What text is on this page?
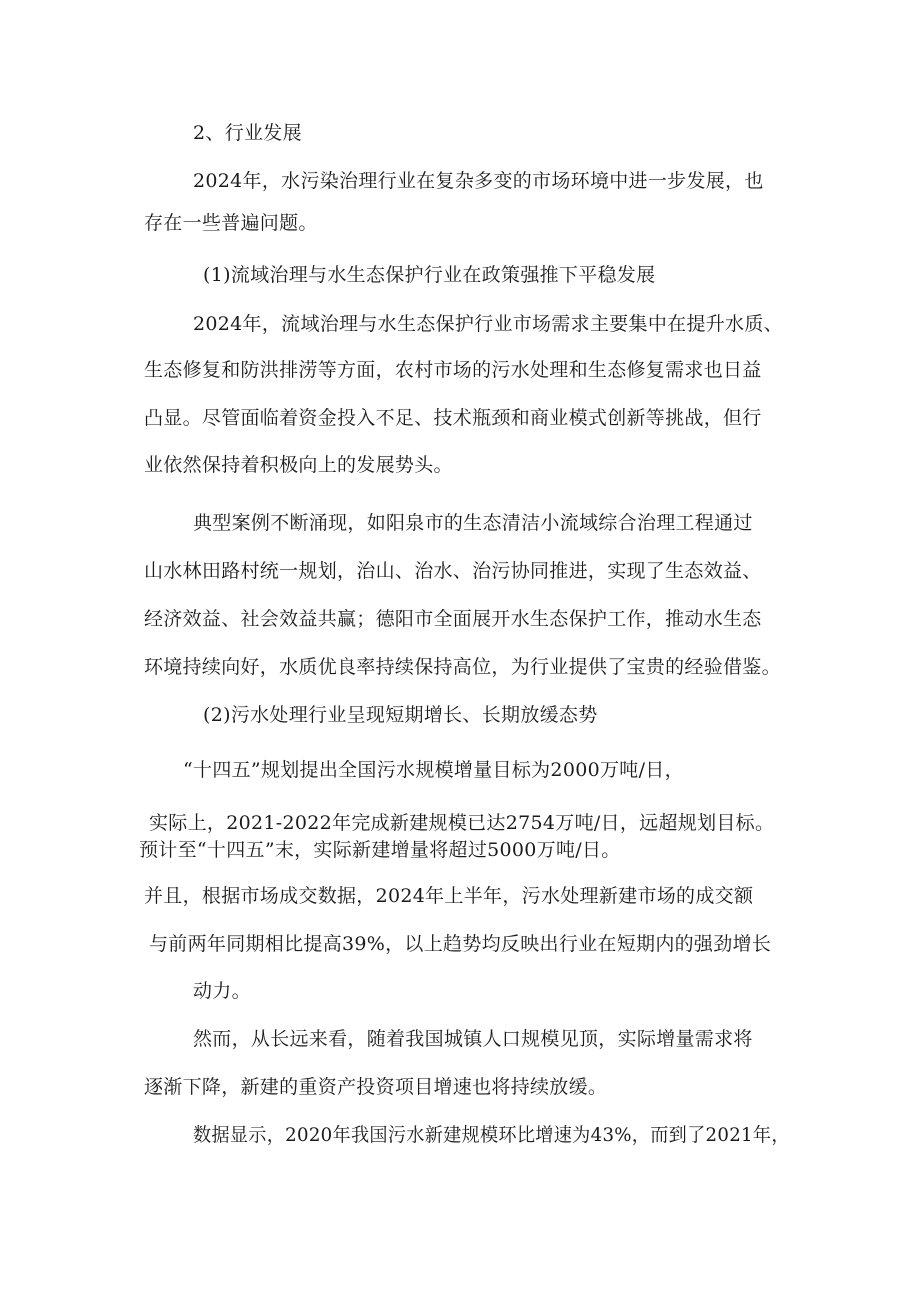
2、行业发展
2024年，水污染治理行业在复杂多变的市场环境中进一步发展，也
存在一些普遍问题。
(1)流域治理与水生态保护行业在政策强推下平稳发展
2024年，流域治理与水生态保护行业市场需求主要集中在提升水质、
生态修复和防洪排涝等方面，农村市场的污水处理和生态修复需求也日益
凸显。尽管面临着资金投入不足、技术瓶颈和商业模式创新等挑战，但行
业依然保持着积极向上的发展势头。
典型案例不断涌现，如阳泉市的生态清洁小流域综合治理工程通过
山水林田路村统一规划，治山、治水、治污协同推进，实现了生态效益、
经济效益、社会效益共赢；德阳市全面展开水生态保护工作，推动水生态
环境持续向好，水质优良率持续保持高位，为行业提供了宝贵的经验借鉴。
(2)污水处理行业呈现短期增长、长期放缓态势
“十四五”规划提出全国污水规模增量目标为2000万吨/日，
实际上，2021-2022年完成新建规模已达2754万吨/日，远超规划目标。
预计至“十四五”末，实际新建增量将超过5000万吨/日。
并且，根据市场成交数据，2024年上半年，污水处理新建市场的成交额
与前两年同期相比提高39%，以上趋势均反映出行业在短期内的强劲增长
动力。
然而，从长远来看，随着我国城镇人口规模见顶，实际增量需求将
逐渐下降，新建的重资产投资项目增速也将持续放缓。
数据显示，2020年我国污水新建规模环比增速为43%，而到了2021年，
